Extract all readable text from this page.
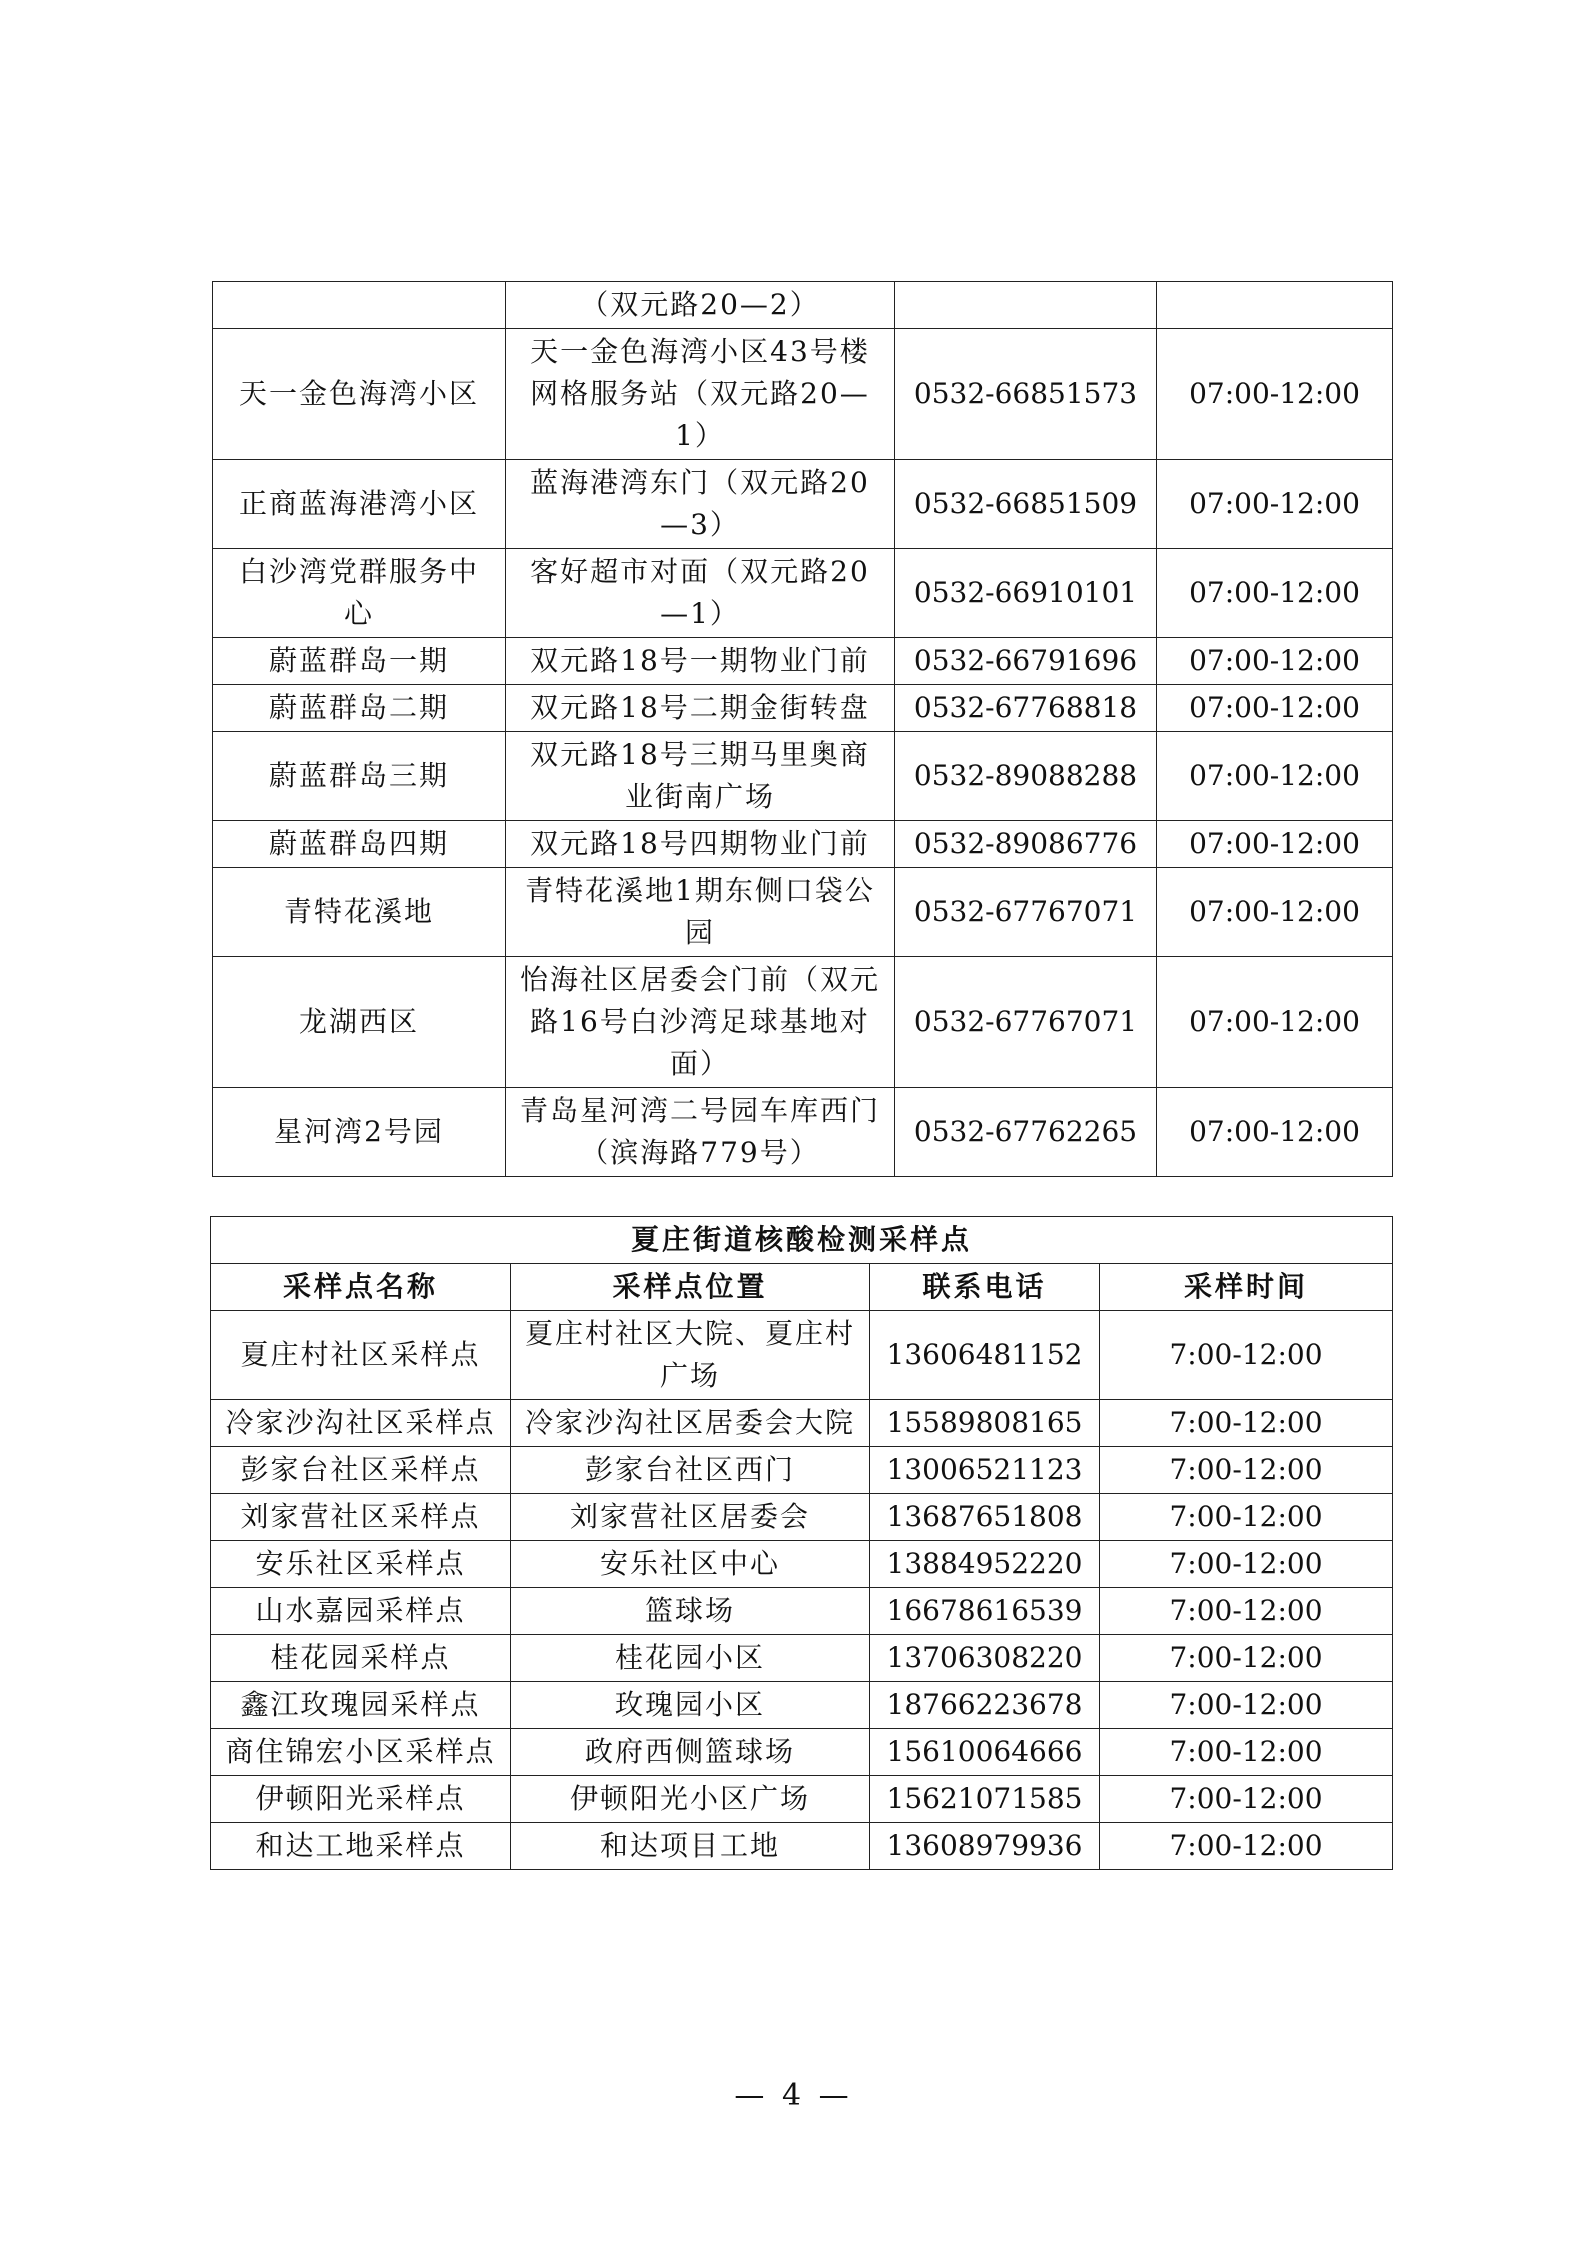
	（双元路20—2）		
天一金色海湾小区	天一金色海湾小区43号楼网格服务站（双元路20—1）	0532-66851573	07:00-12:00
正商蓝海港湾小区	蓝海港湾东门（双元路20—3）	0532-66851509	07:00-12:00
白沙湾党群服务中心	客好超市对面（双元路20—1）	0532-66910101	07:00-12:00
蔚蓝群岛一期	双元路18号一期物业门前	0532-66791696	07:00-12:00
蔚蓝群岛二期	双元路18号二期金街转盘	0532-67768818	07:00-12:00
蔚蓝群岛三期	双元路18号三期马里奥商业街南广场	0532-89088288	07:00-12:00
蔚蓝群岛四期	双元路18号四期物业门前	0532-89086776	07:00-12:00
青特花溪地	青特花溪地1期东侧口袋公园	0532-67767071	07:00-12:00
龙湖西区	怡海社区居委会门前（双元路16号白沙湾足球基地对面）	0532-67767071	07:00-12:00
星河湾2号园	青岛星河湾二号园车库西门（滨海路779号）	0532-67762265	07:00-12:00
夏庄街道核酸检测采样点			
采样点名称	采样点位置	联系电话	采样时间
夏庄村社区采样点	夏庄村社区大院、夏庄村广场	13606481152	7:00-12:00
冷家沙沟社区采样点	冷家沙沟社区居委会大院	15589808165	7:00-12:00
彭家台社区采样点	彭家台社区西门	13006521123	7:00-12:00
刘家营社区采样点	刘家营社区居委会	13687651808	7:00-12:00
安乐社区采样点	安乐社区中心	13884952220	7:00-12:00
山水嘉园采样点	篮球场	16678616539	7:00-12:00
桂花园采样点	桂花园小区	13706308220	7:00-12:00
鑫江玫瑰园采样点	玫瑰园小区	18766223678	7:00-12:00
商住锦宏小区采样点	政府西侧篮球场	15610064666	7:00-12:00
伊顿阳光采样点	伊顿阳光小区广场	15621071585	7:00-12:00
和达工地采样点	和达项目工地	13608979936	7:00-12:00
— 4 —
